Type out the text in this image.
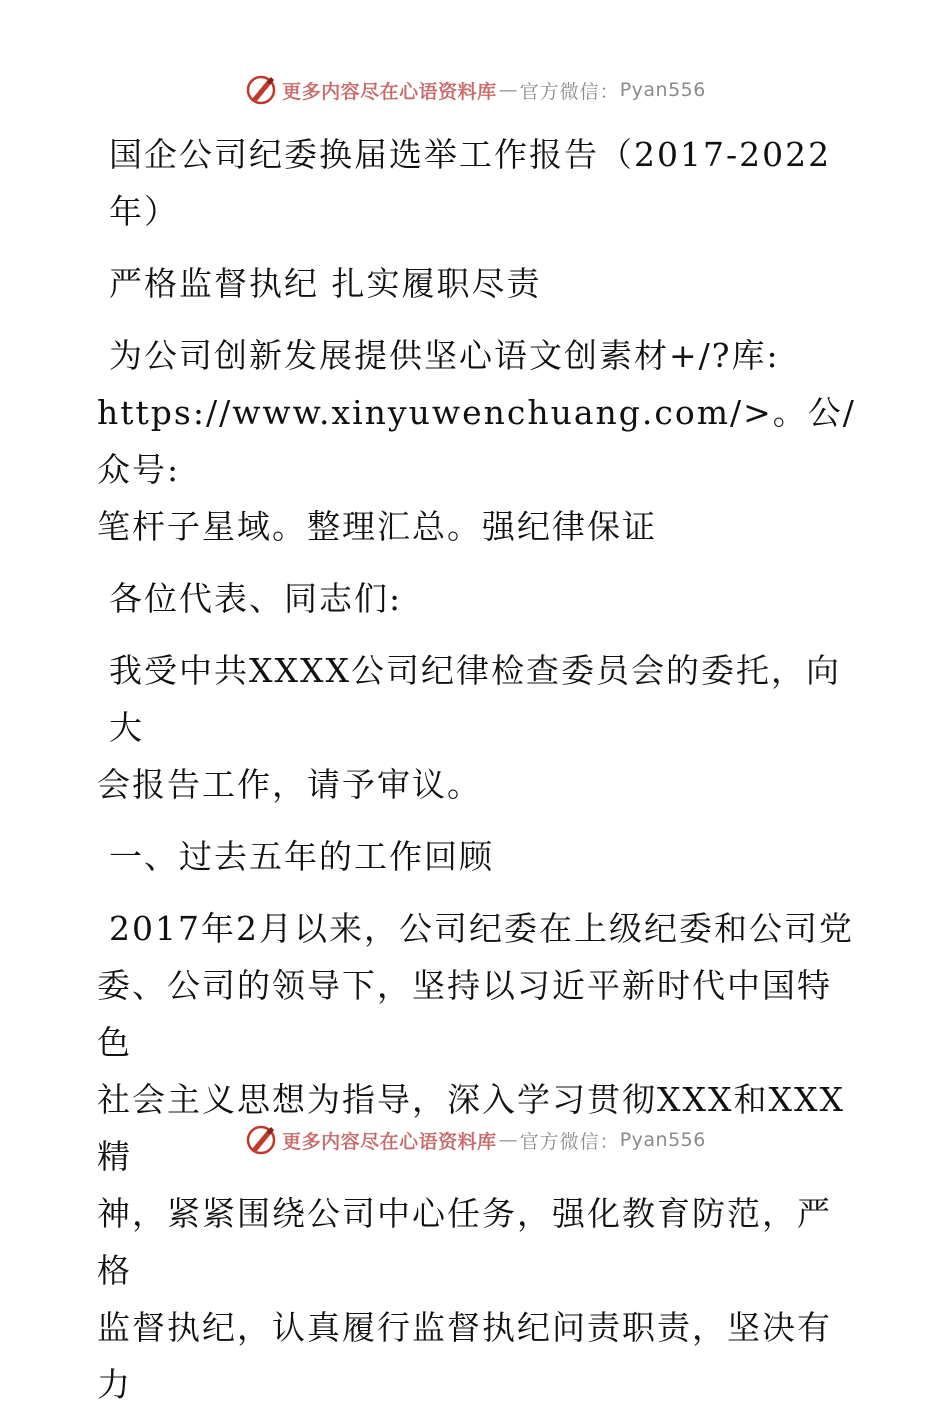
更多内容尽在心语资料库 — 官方微信： Pyan556

国企公司纪委换届选举工作报告（2017-2022年）

严格监督执纪 扎实履职尽责

为公司创新发展提供坚心语文创素材+/?库:

https://www.xinyuwenchuang.com/>。公/众号:

笔杆子星域。整理汇总。强纪律保证

各位代表、同志们:

我受中共XXXX公司纪律检查委员会的委托，向大

会报告工作，请予审议。

一、过去五年的工作回顾

2017年2月以来，公司纪委在上级纪委和公司党

委、公司的领导下，坚持以习近平新时代中国特色

社会主义思想为指导，深入学习贯彻XXX和XXX精

神，紧紧围绕公司中心任务，强化教育防范，严格

监督执纪，认真履行监督执纪问责职责，坚决有力

更多内容尽在心语资料库 — 官方微信： Pyan556
